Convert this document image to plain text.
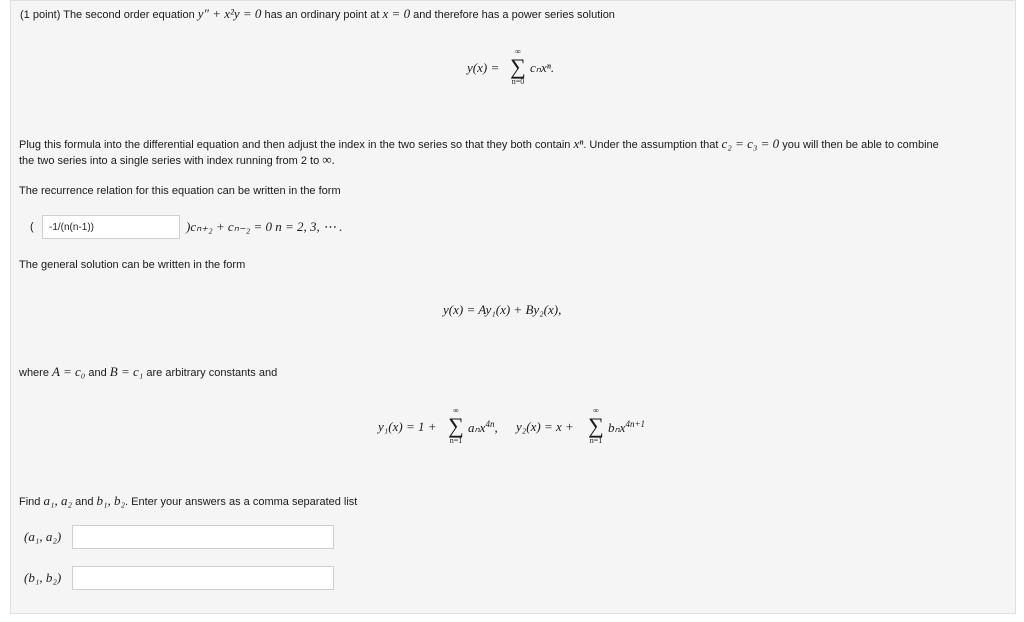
(1 point) The second order equation y″ + x²y = 0 has an ordinary point at x = 0 and therefore has a power series solution
y(x) =
∞
∑
n=0
cₙxⁿ.
Plug this formula into the differential equation and then adjust the index in the two series so that they both contain xⁿ. Under the assumption that c₂ = c₃ = 0 you will then be able to combine
the two series into a single series with index running from 2 to ∞.
The recurrence relation for this equation can be written in the form
(
-1/(n(n-1))	)cₙ₊₂ + cₙ₋₂ = 0 n = 2, 3, ⋯ .
The general solution can be written in the form
y(x) = Ay₁(x) + By₂(x),
where A = c₀ and B = c₁ are arbitrary constants and
y₁(x) = 1 +
∞
∑
n=1
aₙx$^{4n}$, y₂(x) = x +
∞
∑
n=1
bₙx$^{4n+1}$
Find a₁, a₂ and b₁, b₂. Enter your answers as a comma separated list
(a₁, a₂)
(b₁, b₂)
